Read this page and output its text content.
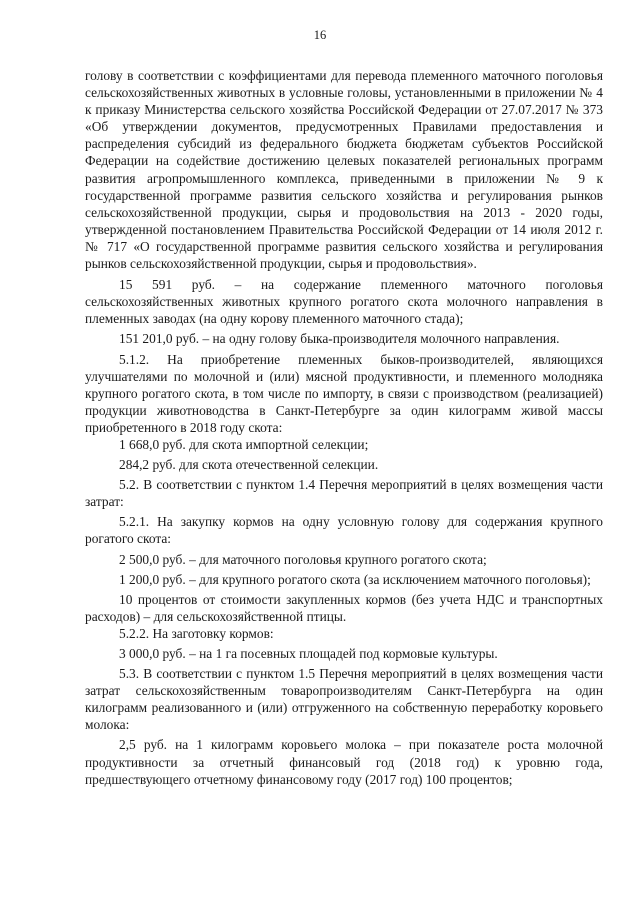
16

голову в соответствии с коэффициентами для перевода племенного маточного поголовья сельскохозяйственных животных в условные головы, установленными в приложении № 4 к приказу Министерства сельского хозяйства Российской Федерации от 27.07.2017 № 373 «Об утверждении документов, предусмотренных Правилами предоставления и распределения субсидий из федерального бюджета бюджетам субъектов Российской Федерации на содействие достижению целевых показателей региональных программ развития агропромышленного комплекса, приведенными в приложении № 9 к государственной программе развития сельского хозяйства и регулирования рынков сельскохозяйственной продукции, сырья и продовольствия на 2013 - 2020 годы, утвержденной постановлением Правительства Российской Федерации от 14 июля 2012 г. № 717 «О государственной программе развития сельского хозяйства и регулирования рынков сельскохозяйственной продукции, сырья и продовольствия».

15 591 руб. – на содержание племенного маточного поголовья сельскохозяйственных животных крупного рогатого скота молочного направления в племенных заводах (на одну корову племенного маточного стада);

151 201,0 руб. – на одну голову быка-производителя молочного направления.

5.1.2. На приобретение племенных быков-производителей, являющихся улучшателями по молочной и (или) мясной продуктивности, и племенного молодняка крупного рогатого скота, в том числе по импорту, в связи с производством (реализацией) продукции животноводства в Санкт-Петербурге за один килограмм живой массы приобретенного в 2018 году скота:

1 668,0 руб. для скота импортной селекции;

284,2 руб. для скота отечественной селекции.

5.2. В соответствии с пунктом 1.4 Перечня мероприятий в целях возмещения части затрат:

5.2.1. На закупку кормов на одну условную голову для содержания крупного рогатого скота:

2 500,0 руб. – для маточного поголовья крупного рогатого скота;

1 200,0 руб. – для крупного рогатого скота (за исключением маточного поголовья);

10 процентов от стоимости закупленных кормов (без учета НДС и транспортных расходов) – для сельскохозяйственной птицы.

5.2.2. На заготовку кормов:

3 000,0 руб. – на 1 га посевных площадей под кормовые культуры.

5.3. В соответствии с пунктом 1.5 Перечня мероприятий в целях возмещения части затрат сельскохозяйственным товаропроизводителям Санкт-Петербурга на один килограмм реализованного и (или) отгруженного на собственную переработку коровьего молока:

2,5 руб. на 1 килограмм коровьего молока – при показателе роста молочной продуктивности за отчетный финансовый год (2018 год) к уровню года, предшествующего отчетному финансовому году (2017 год) 100 процентов;
